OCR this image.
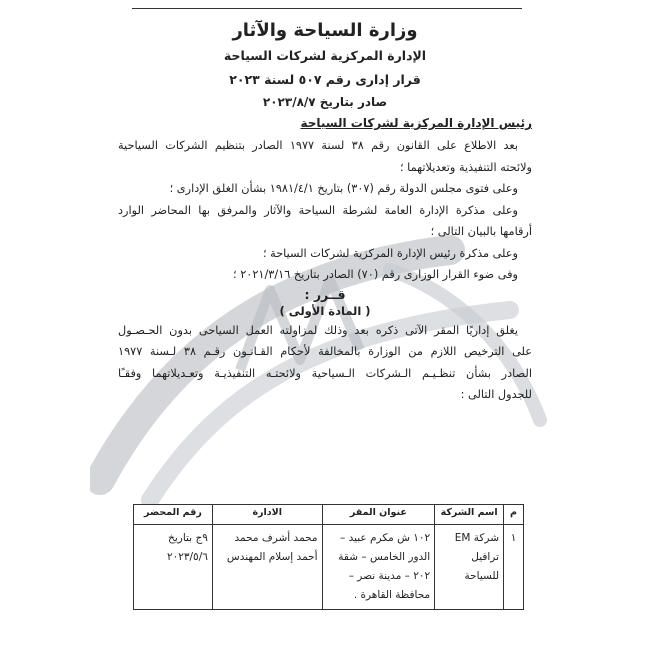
وزارة السياحة والآثار
الإدارة المركزية لشركات السياحة
قرار إدارى رقم ٥٠٧ لسنة ٢٠٢٣
صادر بتاريخ ٢٠٢٣/٨/٧
رئيس الإدارة المركزية لشركات السياحة
بعد الاطلاع على القانون رقم ٣٨ لسنة ١٩٧٧ الصادر بتنظيم الشركات السياحية
ولائحته التنفيذية وتعديلاتهما ؛
وعلى فتوى مجلس الدولة رقم (٣٠٧) بتاريخ ١٩٨١/٤/١ بشأن الغلق الإدارى ؛
وعلى مذكرة الإدارة العامة لشرطة السياحة والآثار والمرفق بها المحاضر الوارد
أرقامها بالبيان التالى ؛
وعلى مذكرة رئيس الإدارة المركزية لشركات السياحة ؛
وفى ضوء القرار الوزارى رقم (٧٠) الصادر بتاريخ ٢٠٢١/٣/١٦ ؛
قــرر :
( المادة الأولى )
يغلق إداريًا المقر الآتى ذكره بعد وذلك لمزاولته العمل السياحى بدون الحـصـول
على الترخيص اللازم من الوزارة بالمخالفة لأحكام القـانـون رقـم ٣٨ لـسنة ١٩٧٧
الصادر بشأن تنظـيـم الـشركات الـسياحية ولائحتـه التنفيذيـة وتعـديلاتهما وفقـًا
للجدول التالى :
م	اسم الشركة	عنوان المقر	الادارة	رقم المحضر
١	شركة EM ترافيل للسياحة	١٠٢ ش مكرم عبيد – الدور الخامس – شقة ٢٠٢ – مدينة نصر – محافظة القاهرة .	محمد أشرف محمد أحمد إسلام المهندس	٩ج بتاريخ ٢٠٢٣/٥/٦
